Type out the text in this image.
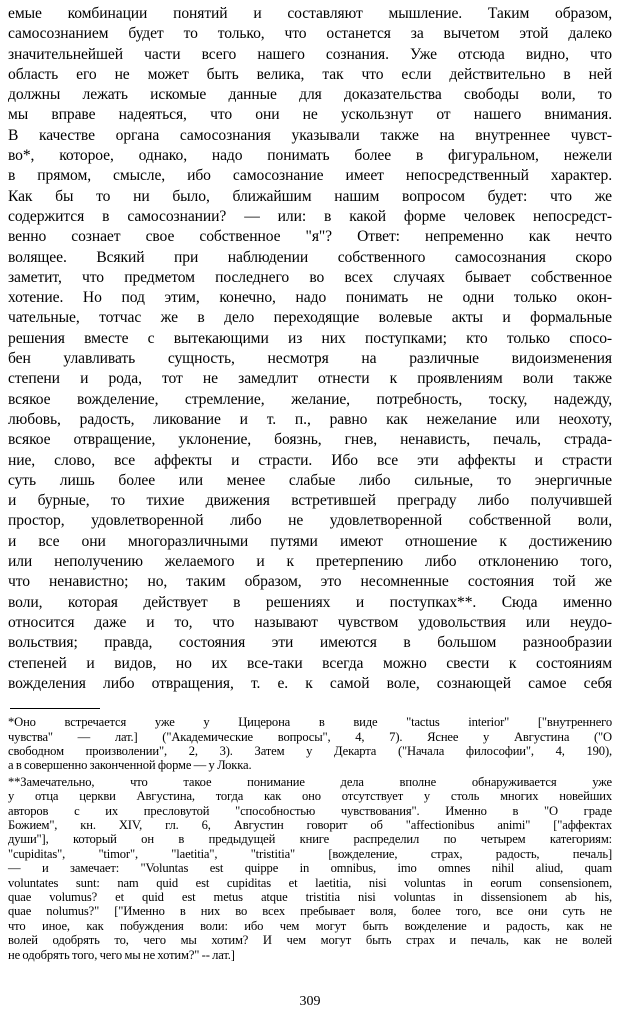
емые комбинации понятий и составляют мышление. Таким образом,

самосознанием будет то только, что останется за вычетом этой далеко

значительнейшей части всего нашего сознания. Уже отсюда видно, что

область его не может быть велика, так что если действительно в ней

должны лежать искомые данные для доказательства свободы воли, то

мы вправе надеяться, что они не ускользнут от нашего внимания.

В качестве органа самосознания указывали также на внутреннее чувст-

во*, которое, однако, надо понимать более в фигуральном, нежели

в прямом, смысле, ибо самосознание имеет непосредственный характер.

Как бы то ни было, ближайшим нашим вопросом будет: что же

содержится в самосознании? — или: в какой форме человек непосредст-

венно сознает свое собственное "я"? Ответ: непременно как нечто

волящее. Всякий при наблюдении собственного самосознания скоро

заметит, что предметом последнего во всех случаях бывает собственное

хотение. Но под этим, конечно, надо понимать не одни только окон-

чательные, тотчас же в дело переходящие волевые акты и формальные

решения вместе с вытекающими из них поступками; кто только спосо-

бен улавливать сущность, несмотря на различные видоизменения

степени и рода, тот не замедлит отнести к проявлениям воли также

всякое вожделение, стремление, желание, потребность, тоску, надежду,

любовь, радость, ликование и т. п., равно как нежелание или неохоту,

всякое отвращение, уклонение, боязнь, гнев, ненависть, печаль, страда-

ние, слово, все аффекты и страсти. Ибо все эти аффекты и страсти

суть лишь более или менее слабые либо сильные, то энергичные

и бурные, то тихие движения встретившей преграду либо получившей

простор, удовлетворенной либо не удовлетворенной собственной воли,

и все они многоразличными путями имеют отношение к достижению

или неполучению желаемого и к претерпению либо отклонению того,

что ненавистно; но, таким образом, это несомненные состояния той же

воли, которая действует в решениях и поступках**. Сюда именно

относится даже и то, что называют чувством удовольствия или неудо-

вольствия; правда, состояния эти имеются в большом разнообразии

степеней и видов, но их все-таки всегда можно свести к состояниям

вожделения либо отвращения, т. е. к самой воле, сознающей самое себя

*Оно встречается уже у Цицерона в виде "tactus interior" ["внутреннего

чувства" — лат.] ("Академические вопросы", 4, 7). Яснее у Августина ("О

свободном произволении", 2, 3). Затем у Декарта ("Начала философии", 4, 190),

а в совершенно законченной форме — у Локка.

**Замечательно, что такое понимание дела вполне обнаруживается уже

у отца церкви Августина, тогда как оно отсутствует у столь многих новейших

авторов с их пресловутой "способностью чувствования". Именно в "О граде

Божием", кн. XIV, гл. 6, Августин говорит об "affectionibus animi" ["аффектах

души"], который он в предыдущей книге распределил по четырем категориям:

"cupiditas", "timor", "laetitia", "tristitia" [вожделение, страх, радость, печаль]

— и замечает: "Voluntas est quippe in omnibus, imo omnes nihil aliud, quam

voluntates sunt: nam quid est cupiditas et laetitia, nisi voluntas in eorum consensionem,

quae volumus? et quid est metus atque tristitia nisi voluntas in dissensionem ab his,

quae nolumus?" ["Именно в них во всех пребывает воля, более того, все они суть не

что иное, как побуждения воли: ибо чем могут быть вожделение и радость, как не

волей одобрять то, чего мы хотим? И чем могут быть страх и печаль, как не волей

не одобрять того, чего мы не хотим?" -- лат.]

309
